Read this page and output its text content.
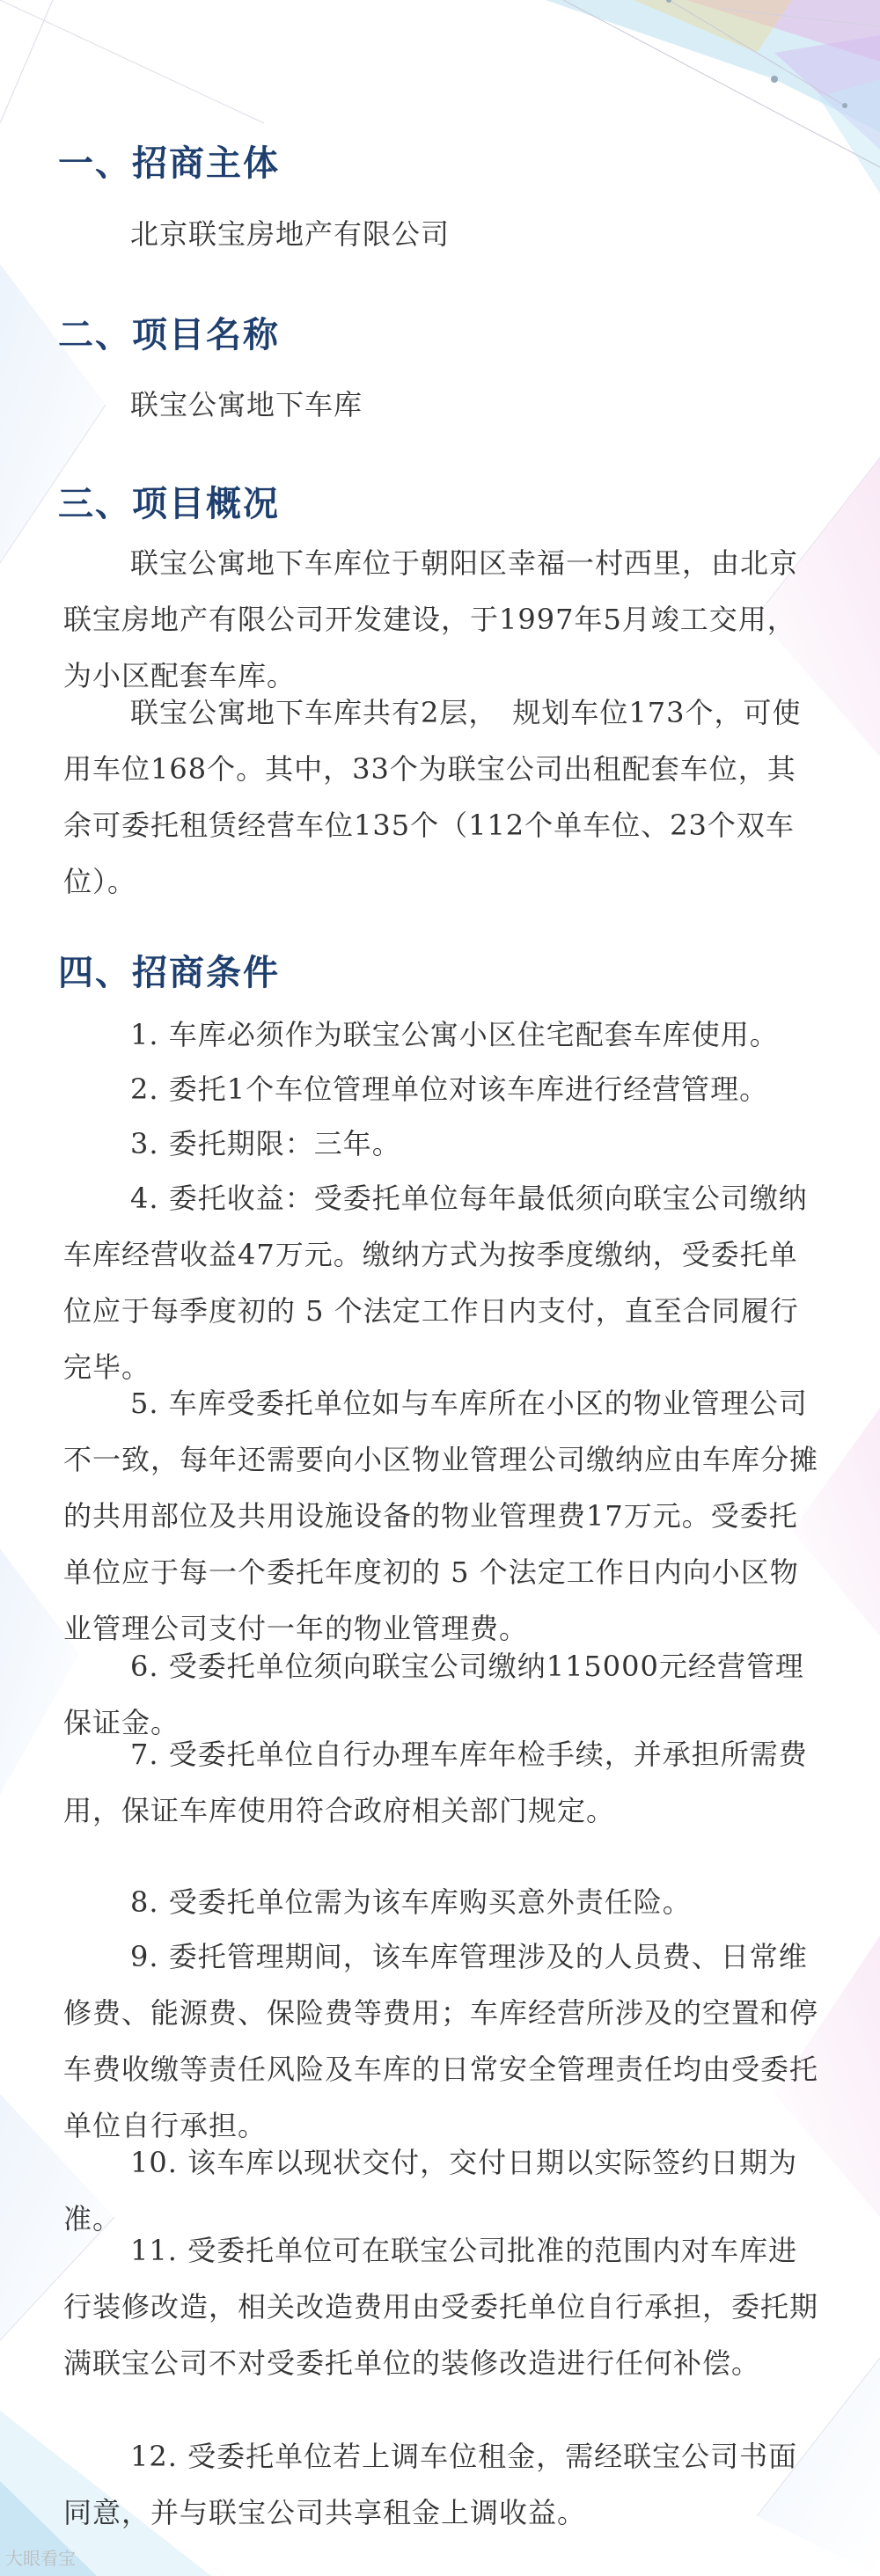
一、招商主体
北京联宝房地产有限公司
二、项目名称
联宝公寓地下车库
三、项目概况
联宝公寓地下车库位于朝阳区幸福一村西里，由北京联宝房地产有限公司开发建设，于1997年5月竣工交用，为小区配套车库。
联宝公寓地下车库共有2层，　规划车位173个，可使用车位168个。其中，33个为联宝公司出租配套车位，其余可委托租赁经营车位135个（112个单车位、23个双车位）。
四、招商条件
1. 车库必须作为联宝公寓小区住宅配套车库使用。
2. 委托1个车位管理单位对该车库进行经营管理。
3. 委托期限：三年。
4. 委托收益：受委托单位每年最低须向联宝公司缴纳车库经营收益47万元。缴纳方式为按季度缴纳，受委托单位应于每季度初的 5 个法定工作日内支付，直至合同履行完毕。
5. 车库受委托单位如与车库所在小区的物业管理公司不一致，每年还需要向小区物业管理公司缴纳应由车库分摊的共用部位及共用设施设备的物业管理费17万元。受委托单位应于每一个委托年度初的 5 个法定工作日内向小区物业管理公司支付一年的物业管理费。
6. 受委托单位须向联宝公司缴纳115000元经营管理保证金。
7. 受委托单位自行办理车库年检手续，并承担所需费用，保证车库使用符合政府相关部门规定。
8. 受委托单位需为该车库购买意外责任险。
9. 委托管理期间，该车库管理涉及的人员费、日常维修费、能源费、保险费等费用；车库经营所涉及的空置和停车费收缴等责任风险及车库的日常安全管理责任均由受委托单位自行承担。
10. 该车库以现状交付，交付日期以实际签约日期为准。
11. 受委托单位可在联宝公司批准的范围内对车库进行装修改造，相关改造费用由受委托单位自行承担，委托期满联宝公司不对受委托单位的装修改造进行任何补偿。
12. 受委托单位若上调车位租金，需经联宝公司书面同意，并与联宝公司共享租金上调收益。
大眼看宝
